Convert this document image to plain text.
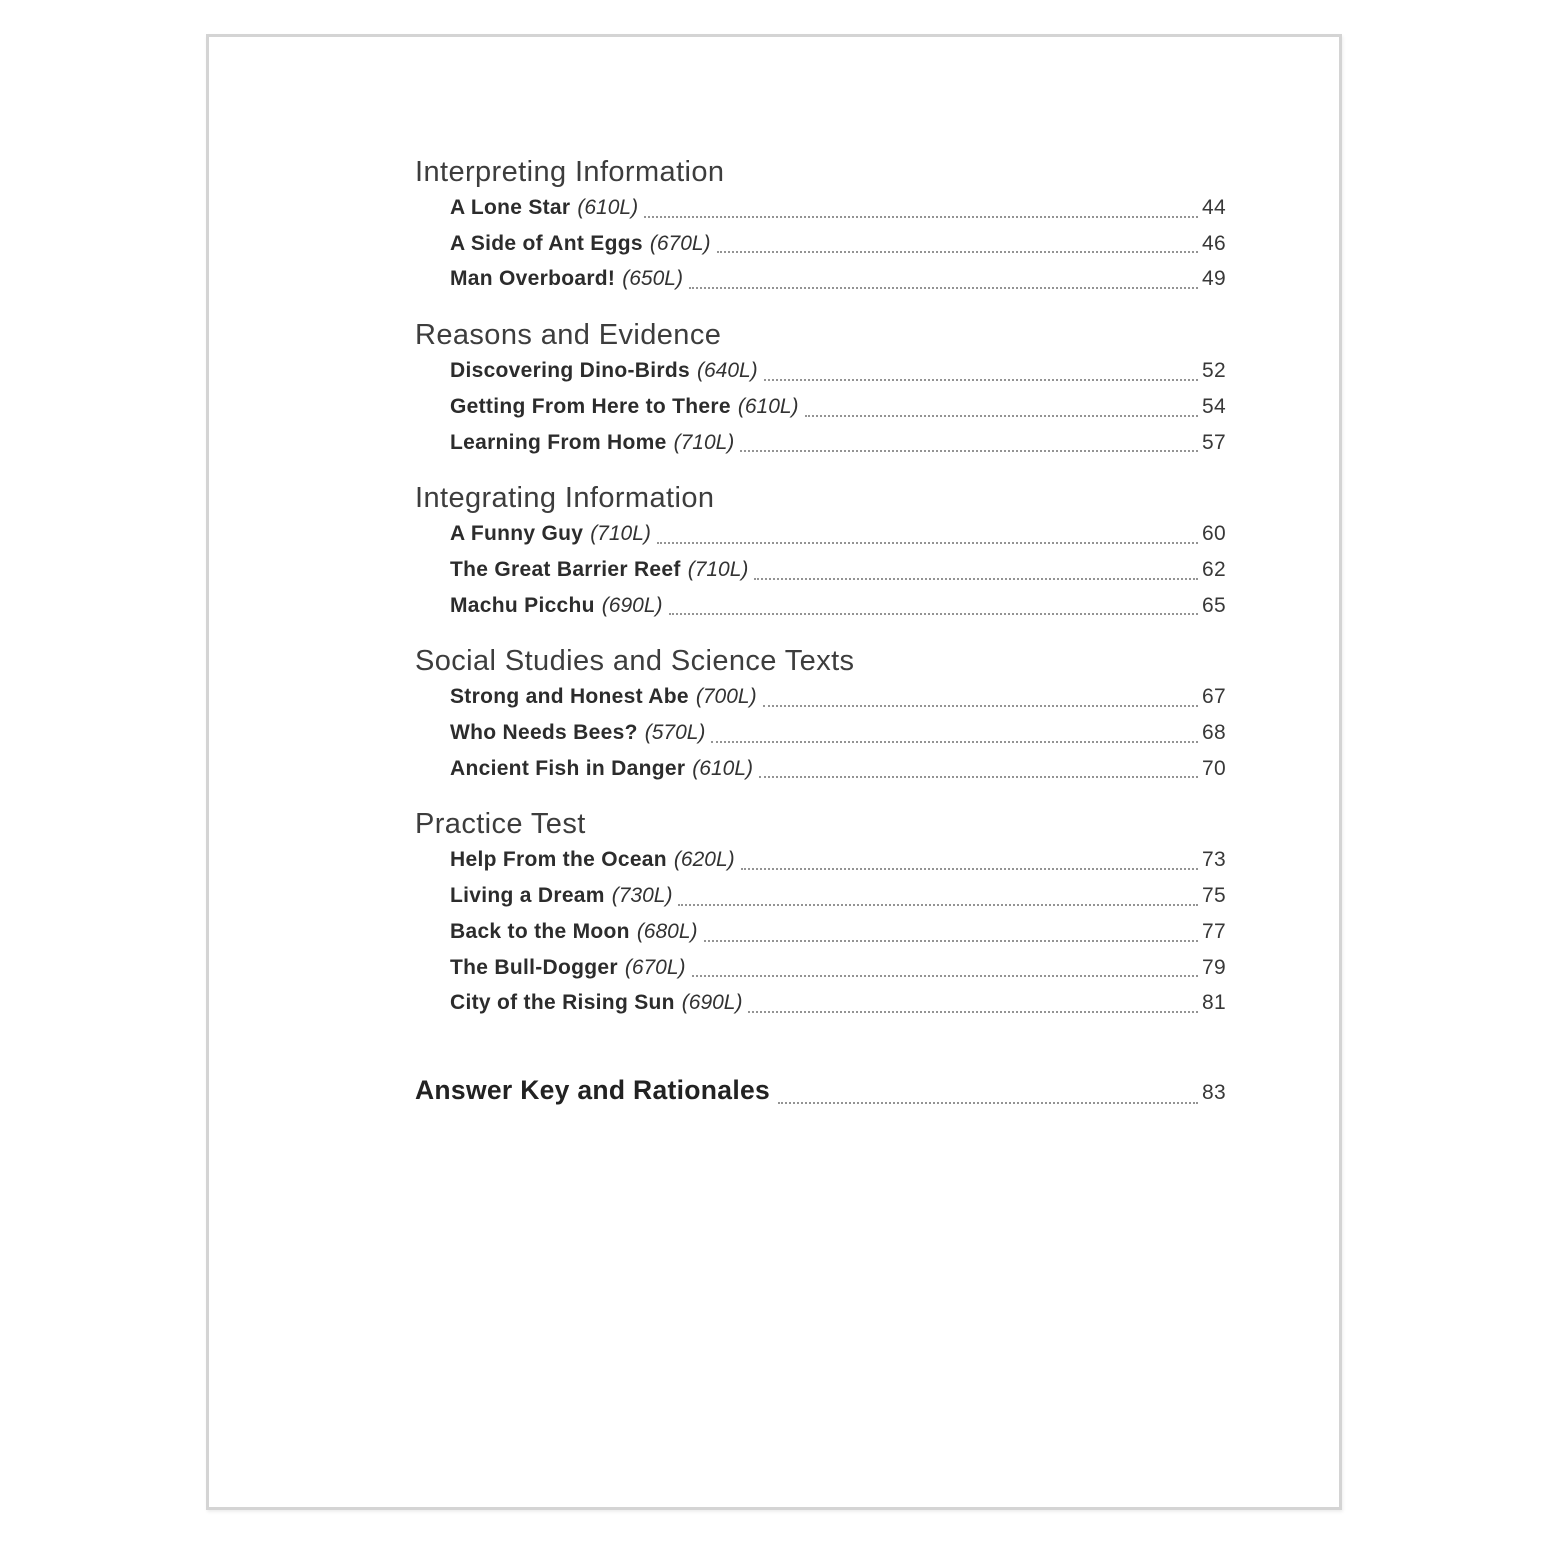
Interpreting Information
A Lone Star (610L)	44
A Side of Ant Eggs (670L)	46
Man Overboard! (650L)	49
Reasons and Evidence
Discovering Dino-Birds (640L)	52
Getting From Here to There (610L)	54
Learning From Home (710L)	57
Integrating Information
A Funny Guy (710L)	60
The Great Barrier Reef (710L)	62
Machu Picchu (690L)	65
Social Studies and Science Texts
Strong and Honest Abe (700L)	67
Who Needs Bees? (570L)	68
Ancient Fish in Danger (610L)	70
Practice Test
Help From the Ocean (620L)	73
Living a Dream (730L)	75
Back to the Moon (680L)	77
The Bull-Dogger (670L)	79
City of the Rising Sun (690L)	81
Answer Key and Rationales	83
